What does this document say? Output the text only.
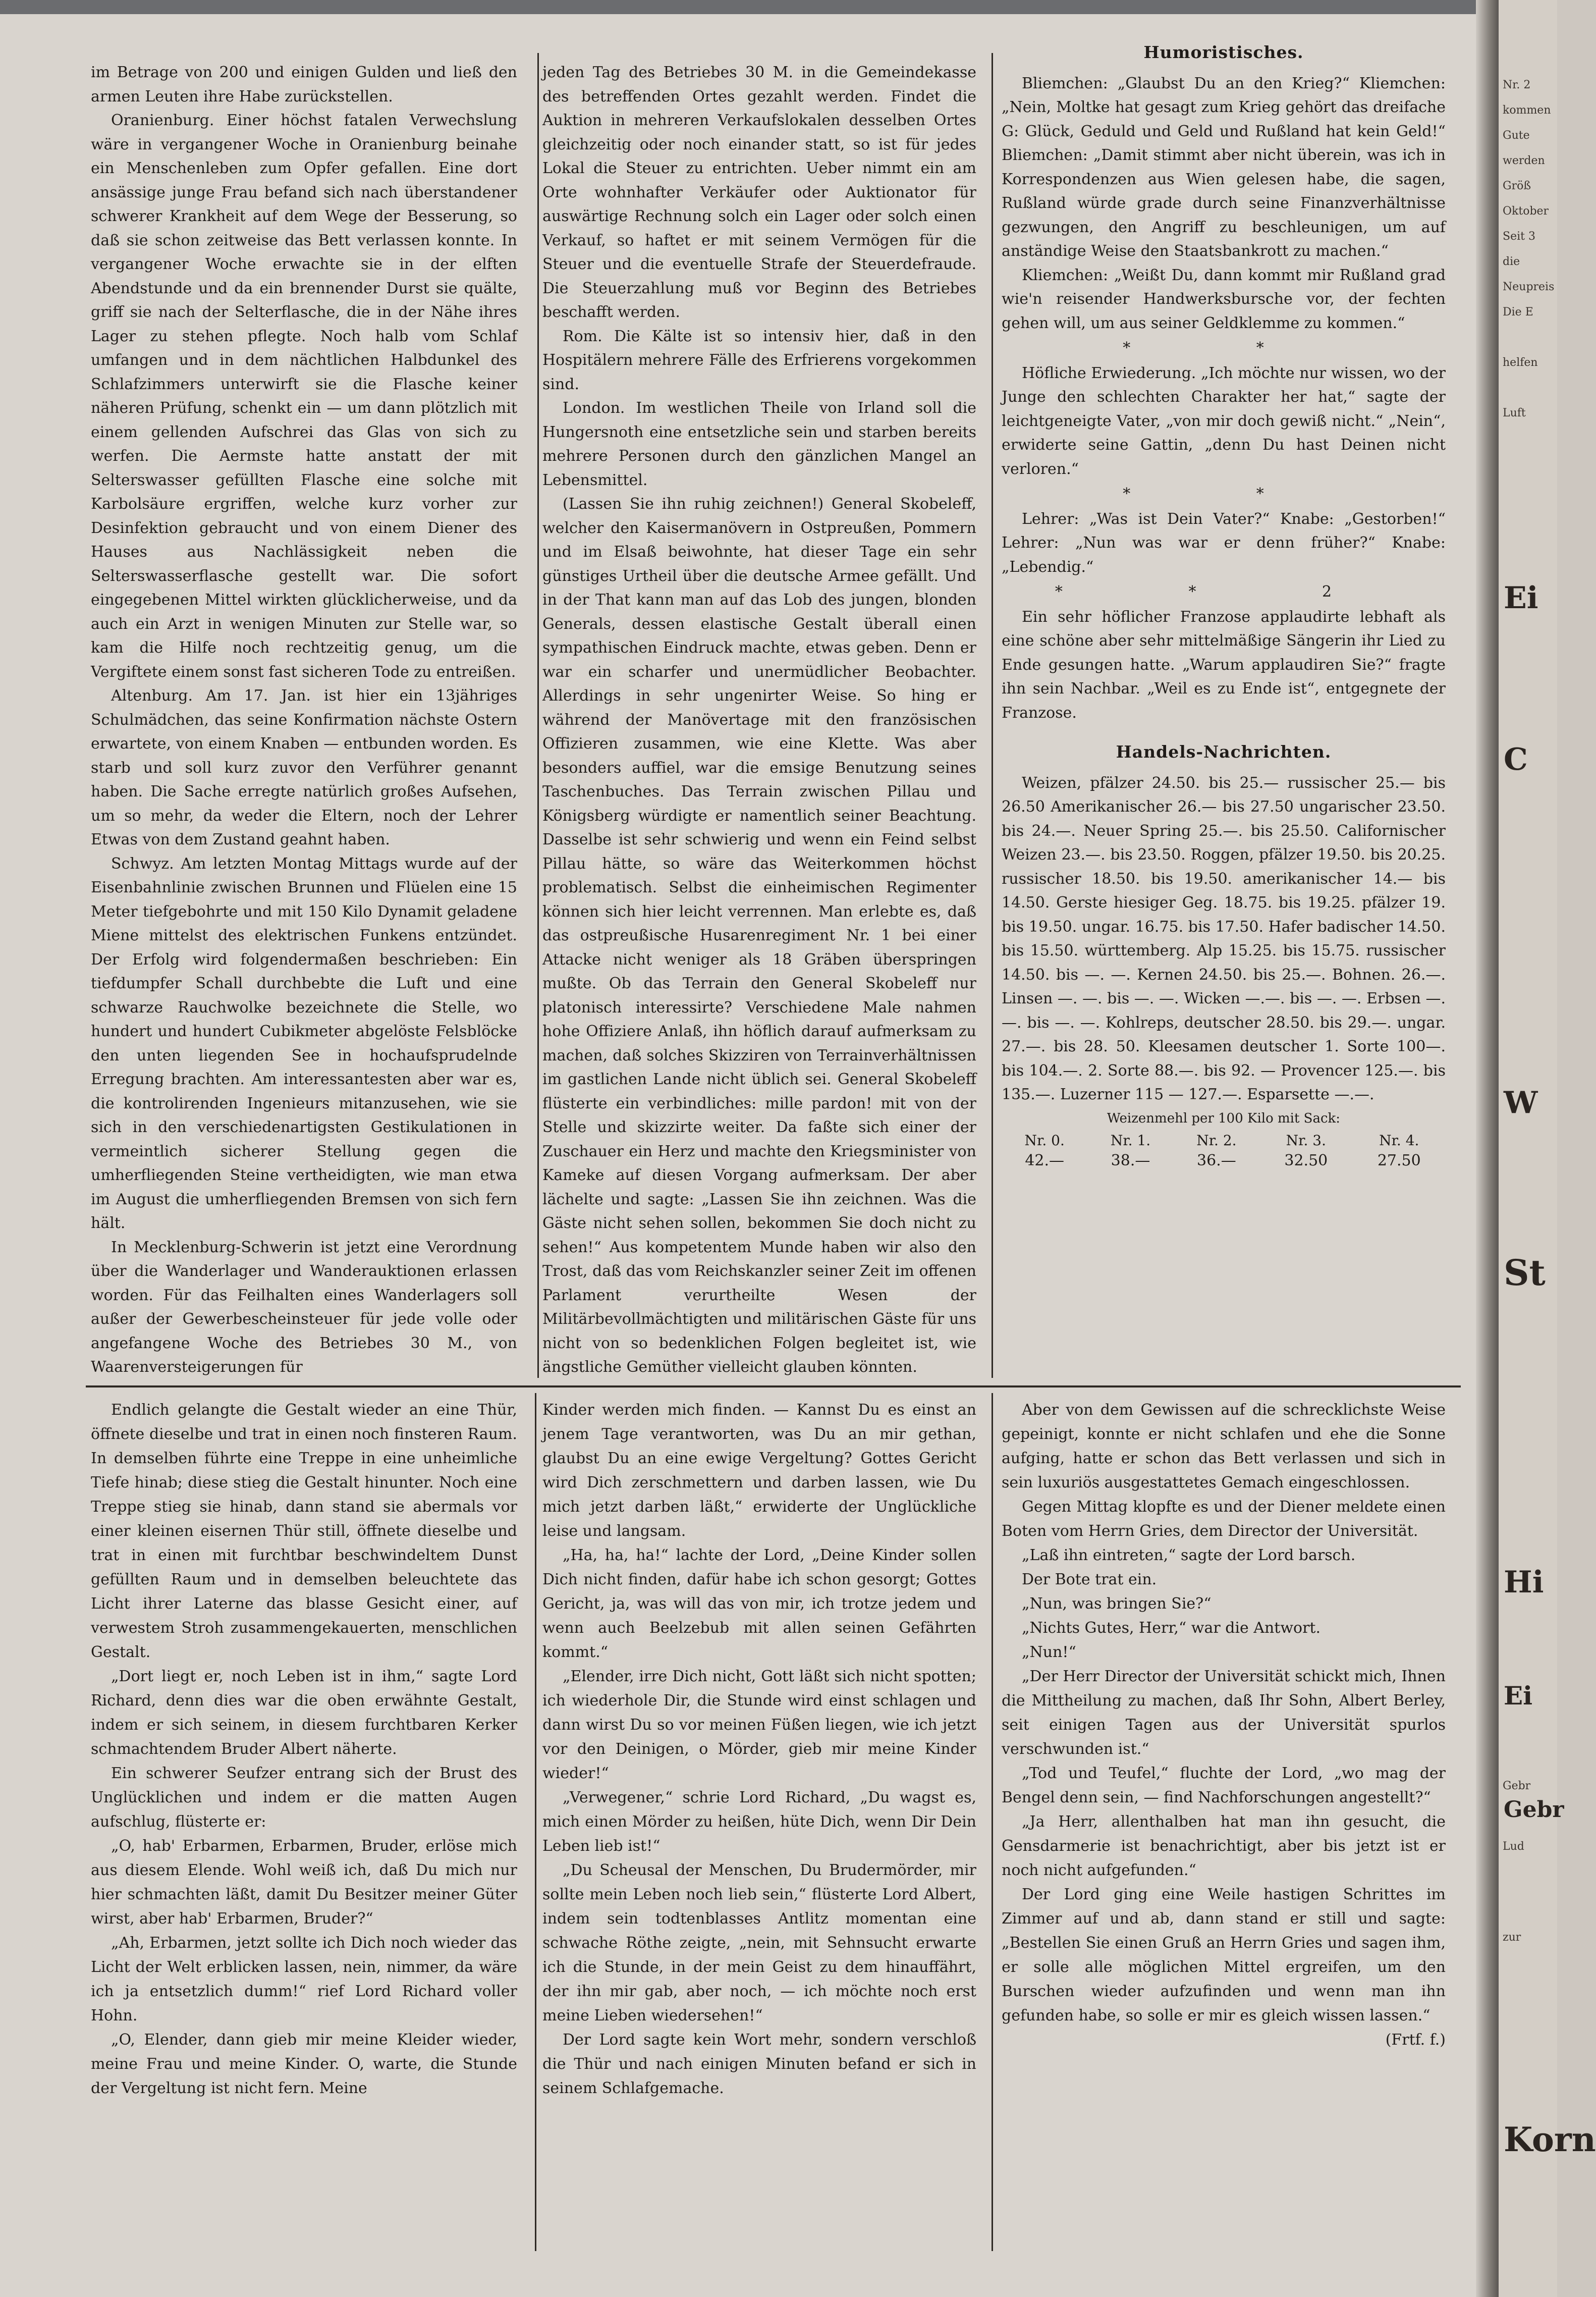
im Betrage von 200 und einigen Gulden und ließ den armen Leuten ihre Habe zurückstellen.

Oranienburg. Einer höchst fatalen Verwechslung wäre in vergangener Woche in Oranienburg beinahe ein Menschenleben zum Opfer gefallen. Eine dort ansässige junge Frau befand sich nach überstandener schwerer Krankheit auf dem Wege der Besserung, so daß sie schon zeitweise das Bett verlassen konnte. In vergangener Woche erwachte sie in der elften Abendstunde und da ein brennender Durst sie quälte, griff sie nach der Selterflasche, die in der Nähe ihres Lager zu stehen pflegte. Noch halb vom Schlaf umfangen und in dem nächtlichen Halbdunkel des Schlafzimmers unterwirft sie die Flasche keiner näheren Prüfung, schenkt ein — um dann plötzlich mit einem gellenden Aufschrei das Glas von sich zu werfen. Die Aermste hatte anstatt der mit Selterswasser gefüllten Flasche eine solche mit Karbolsäure ergriffen, welche kurz vorher zur Desinfektion gebraucht und von einem Diener des Hauses aus Nachlässigkeit neben die Selterswasserflasche gestellt war. Die sofort eingegebenen Mittel wirkten glücklicherweise, und da auch ein Arzt in wenigen Minuten zur Stelle war, so kam die Hilfe noch rechtzeitig genug, um die Vergiftete einem sonst fast sicheren Tode zu entreißen.

Altenburg. Am 17. Jan. ist hier ein 13jähriges Schulmädchen, das seine Konfirmation nächste Ostern erwartete, von einem Knaben — entbunden worden. Es starb und soll kurz zuvor den Verführer genannt haben. Die Sache erregte natürlich großes Aufsehen, um so mehr, da weder die Eltern, noch der Lehrer Etwas von dem Zustand geahnt haben.

Schwyz. Am letzten Montag Mittags wurde auf der Eisenbahnlinie zwischen Brunnen und Flüelen eine 15 Meter tiefgebohrte und mit 150 Kilo Dynamit geladene Miene mittelst des elektrischen Funkens entzündet. Der Erfolg wird folgendermaßen beschrieben: Ein tiefdumpfer Schall durchbebte die Luft und eine schwarze Rauchwolke bezeichnete die Stelle, wo hundert und hundert Cubikmeter abgelöste Felsblöcke den unten liegenden See in hochaufsprudelnde Erregung brachten. Am interessantesten aber war es, die kontrolirenden Ingenieurs mitanzusehen, wie sie sich in den verschiedenartigsten Gestikulationen in vermeintlich sicherer Stellung gegen die umherfliegenden Steine vertheidigten, wie man etwa im August die umherfliegenden Bremsen von sich fern hält.

In Mecklenburg-Schwerin ist jetzt eine Verordnung über die Wanderlager und Wanderauktionen erlassen worden. Für das Feilhalten eines Wanderlagers soll außer der Gewerbescheinsteuer für jede volle oder angefangene Woche des Betriebes 30 M., von Waarenversteigerungen für

jeden Tag des Betriebes 30 M. in die Gemeindekasse des betreffenden Ortes gezahlt werden. Findet die Auktion in mehreren Verkaufslokalen desselben Ortes gleichzeitig oder noch einander statt, so ist für jedes Lokal die Steuer zu entrichten. Ueber nimmt ein am Orte wohnhafter Verkäufer oder Auktionator für auswärtige Rechnung solch ein Lager oder solch einen Verkauf, so haftet er mit seinem Vermögen für die Steuer und die eventuelle Strafe der Steuerdefraude. Die Steuerzahlung muß vor Beginn des Betriebes beschafft werden.

Rom. Die Kälte ist so intensiv hier, daß in den Hospitälern mehrere Fälle des Erfrierens vorgekommen sind.

London. Im westlichen Theile von Irland soll die Hungersnoth eine entsetzliche sein und starben bereits mehrere Personen durch den gänzlichen Mangel an Lebensmittel.

(Lassen Sie ihn ruhig zeichnen!) General Skobeleff, welcher den Kaisermanövern in Ostpreußen, Pommern und im Elsaß beiwohnte, hat dieser Tage ein sehr günstiges Urtheil über die deutsche Armee gefällt. Und in der That kann man auf das Lob des jungen, blonden Generals, dessen elastische Gestalt überall einen sympathischen Eindruck machte, etwas geben. Denn er war ein scharfer und unermüdlicher Beobachter. Allerdings in sehr ungenirter Weise. So hing er während der Manövertage mit den französischen Offizieren zusammen, wie eine Klette. Was aber besonders auffiel, war die emsige Benutzung seines Taschenbuches. Das Terrain zwischen Pillau und Königsberg würdigte er namentlich seiner Beachtung. Dasselbe ist sehr schwierig und wenn ein Feind selbst Pillau hätte, so wäre das Weiterkommen höchst problematisch. Selbst die einheimischen Regimenter können sich hier leicht verrennen. Man erlebte es, daß das ostpreußische Husarenregiment Nr. 1 bei einer Attacke nicht weniger als 18 Gräben überspringen mußte. Ob das Terrain den General Skobeleff nur platonisch interessirte? Verschiedene Male nahmen hohe Offiziere Anlaß, ihn höflich darauf aufmerksam zu machen, daß solches Skizziren von Terrainverhältnissen im gastlichen Lande nicht üblich sei. General Skobeleff flüsterte ein verbindliches: mille pardon! mit von der Stelle und skizzirte weiter. Da faßte sich einer der Zuschauer ein Herz und machte den Kriegsminister von Kameke auf diesen Vorgang aufmerksam. Der aber lächelte und sagte: „Lassen Sie ihn zeichnen. Was die Gäste nicht sehen sollen, bekommen Sie doch nicht zu sehen!“ Aus kompetentem Munde haben wir also den Trost, daß das vom Reichskanzler seiner Zeit im offenen Parlament verurtheilte Wesen der Militärbevollmächtigten und militärischen Gäste für uns nicht von so bedenklichen Folgen begleitet ist, wie ängstliche Gemüther vielleicht glauben könnten.

Humoristisches.

Bliemchen: „Glaubst Du an den Krieg?“ Kliemchen: „Nein, Moltke hat gesagt zum Krieg gehört das dreifache G: Glück, Geduld und Geld und Rußland hat kein Geld!“ Bliemchen: „Damit stimmt aber nicht überein, was ich in Korrespondenzen aus Wien gelesen habe, die sagen, Rußland würde grade durch seine Finanzverhältnisse gezwungen, den Angriff zu beschleunigen, um auf anständige Weise den Staatsbankrott zu machen.“

Kliemchen: „Weißt Du, dann kommt mir Rußland grad wie'n reisender Handwerksbursche vor, der fechten gehen will, um aus seiner Geldklemme zu kommen.“

* *

Höfliche Erwiederung. „Ich möchte nur wissen, wo der Junge den schlechten Charakter her hat,“ sagte der leichtgeneigte Vater, „von mir doch gewiß nicht.“ „Nein“, erwiderte seine Gattin, „denn Du hast Deinen nicht verloren.“

* *

Lehrer: „Was ist Dein Vater?“ Knabe: „Gestorben!“ Lehrer: „Nun was war er denn früher?“ Knabe: „Lebendig.“

* *	2

Ein sehr höflicher Franzose applaudirte lebhaft als eine schöne aber sehr mittelmäßige Sängerin ihr Lied zu Ende gesungen hatte. „Warum applaudiren Sie?“ fragte ihn sein Nachbar. „Weil es zu Ende ist“, entgegnete der Franzose.

Handels-Nachrichten.

Weizen, pfälzer 24.50. bis 25.— russischer 25.— bis 26.50 Amerikanischer 26.— bis 27.50 ungarischer 23.50. bis 24.—. Neuer Spring 25.—. bis 25.50. Californischer Weizen 23.—. bis 23.50. Roggen, pfälzer 19.50. bis 20.25. russischer 18.50. bis 19.50. amerikanischer 14.— bis 14.50. Gerste hiesiger Geg. 18.75. bis 19.25. pfälzer 19. bis 19.50. ungar. 16.75. bis 17.50. Hafer badischer 14.50. bis 15.50. württemberg. Alp 15.25. bis 15.75. russischer 14.50. bis —. —. Kernen 24.50. bis 25.—. Bohnen. 26.—. Linsen —. —. bis —. —. Wicken —.—. bis —. —. Erbsen —. —. bis —. —. Kohlreps, deutscher 28.50. bis 29.—. ungar. 27.—. bis 28. 50. Kleesamen deutscher 1. Sorte 100—. bis 104.—. 2. Sorte 88.—. bis 92. — Provencer 125.—. bis 135.—. Luzerner 115 — 127.—. Esparsette —.—.

Weizenmehl per 100 Kilo mit Sack:

Nr. 0.	Nr. 1.	Nr. 2.	Nr. 3.	Nr. 4.
42.—	38.—	36.—	32.50	27.50

Endlich gelangte die Gestalt wieder an eine Thür, öffnete dieselbe und trat in einen noch finsteren Raum. In demselben führte eine Treppe in eine unheimliche Tiefe hinab; diese stieg die Gestalt hinunter. Noch eine Treppe stieg sie hinab, dann stand sie abermals vor einer kleinen eisernen Thür still, öffnete dieselbe und trat in einen mit furchtbar beschwindeltem Dunst gefüllten Raum und in demselben beleuchtete das Licht ihrer Laterne das blasse Gesicht einer, auf verwestem Stroh zusammengekauerten, menschlichen Gestalt.

„Dort liegt er, noch Leben ist in ihm,“ sagte Lord Richard, denn dies war die oben erwähnte Gestalt, indem er sich seinem, in diesem furchtbaren Kerker schmachtendem Bruder Albert näherte.

Ein schwerer Seufzer entrang sich der Brust des Unglücklichen und indem er die matten Augen aufschlug, flüsterte er:

„O, hab' Erbarmen, Erbarmen, Bruder, erlöse mich aus diesem Elende. Wohl weiß ich, daß Du mich nur hier schmachten läßt, damit Du Besitzer meiner Güter wirst, aber hab' Erbarmen, Bruder?“

„Ah, Erbarmen, jetzt sollte ich Dich noch wieder das Licht der Welt erblicken lassen, nein, nimmer, da wäre ich ja entsetzlich dumm!“ rief Lord Richard voller Hohn.

„O, Elender, dann gieb mir meine Kleider wieder, meine Frau und meine Kinder. O, warte, die Stunde der Vergeltung ist nicht fern. Meine

Kinder werden mich finden. — Kannst Du es einst an jenem Tage verantworten, was Du an mir gethan, glaubst Du an eine ewige Vergeltung? Gottes Gericht wird Dich zerschmettern und darben lassen, wie Du mich jetzt darben läßt,“ erwiderte der Unglückliche leise und langsam.

„Ha, ha, ha!“ lachte der Lord, „Deine Kinder sollen Dich nicht finden, dafür habe ich schon gesorgt; Gottes Gericht, ja, was will das von mir, ich trotze jedem und wenn auch Beelzebub mit allen seinen Gefährten kommt.“

„Elender, irre Dich nicht, Gott läßt sich nicht spotten; ich wiederhole Dir, die Stunde wird einst schlagen und dann wirst Du so vor meinen Füßen liegen, wie ich jetzt vor den Deinigen, o Mörder, gieb mir meine Kinder wieder!“

„Verwegener,“ schrie Lord Richard, „Du wagst es, mich einen Mörder zu heißen, hüte Dich, wenn Dir Dein Leben lieb ist!“

„Du Scheusal der Menschen, Du Brudermörder, mir sollte mein Leben noch lieb sein,“ flüsterte Lord Albert, indem sein todtenblasses Antlitz momentan eine schwache Röthe zeigte, „nein, mit Sehnsucht erwarte ich die Stunde, in der mein Geist zu dem hinauffährt, der ihn mir gab, aber noch, — ich möchte noch erst meine Lieben wiedersehen!“

Der Lord sagte kein Wort mehr, sondern verschloß die Thür und nach einigen Minuten befand er sich in seinem Schlafgemache.

Aber von dem Gewissen auf die schrecklichste Weise gepeinigt, konnte er nicht schlafen und ehe die Sonne aufging, hatte er schon das Bett verlassen und sich in sein luxuriös ausgestattetes Gemach eingeschlossen.

Gegen Mittag klopfte es und der Diener meldete einen Boten vom Herrn Gries, dem Director der Universität.

„Laß ihn eintreten,“ sagte der Lord barsch.

Der Bote trat ein.

„Nun, was bringen Sie?“

„Nichts Gutes, Herr,“ war die Antwort.

„Nun!“

„Der Herr Director der Universität schickt mich, Ihnen die Mittheilung zu machen, daß Ihr Sohn, Albert Berley, seit einigen Tagen aus der Universität spurlos verschwunden ist.“

„Tod und Teufel,“ fluchte der Lord, „wo mag der Bengel denn sein, — find Nachforschungen angestellt?“

„Ja Herr, allenthalben hat man ihn gesucht, die Gensdarmerie ist benachrichtigt, aber bis jetzt ist er noch nicht aufgefunden.“

Der Lord ging eine Weile hastigen Schrittes im Zimmer auf und ab, dann stand er still und sagte: „Bestellen Sie einen Gruß an Herrn Gries und sagen ihm, er solle alle möglichen Mittel ergreifen, um den Burschen wieder aufzufinden und wenn man ihn gefunden habe, so solle er mir es gleich wissen lassen.“

(Frtf. f.)

Nr. 2
kommen
Gute
werden
Größ
Oktober
Seit 3
die
Neupreis
Die E
helfen
Luft
Ei
C
W
St
Hi
Ei
Gebr
Lud
Gebr
zur
Korn
